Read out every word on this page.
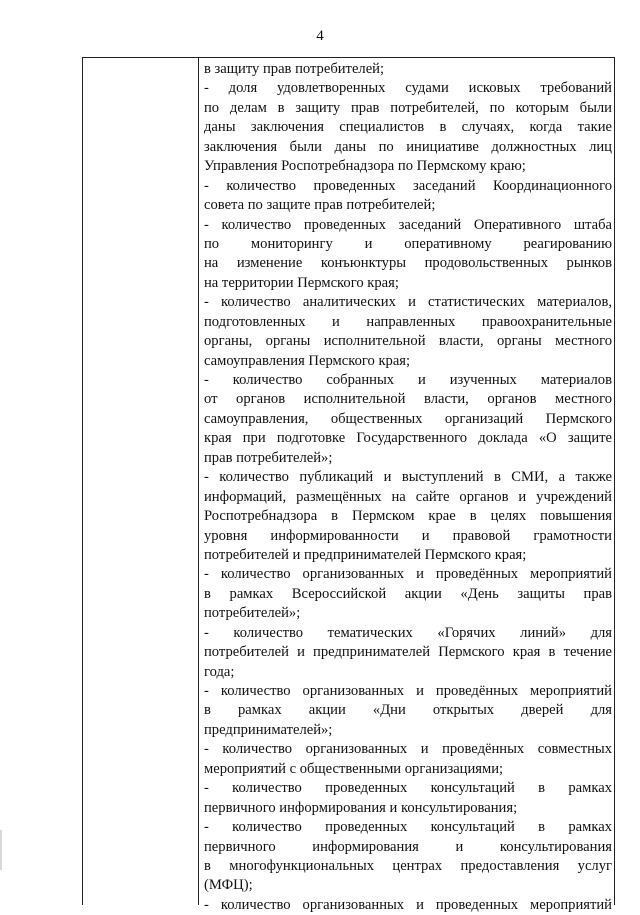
4
в защиту прав потребителей;
- доля удовлетворенных судами исковых требований
по делам в защиту прав потребителей, по которым были
даны заключения специалистов в случаях, когда такие
заключения были даны по инициативе должностных лиц
Управления Роспотребнадзора по Пермскому краю;
- количество проведенных заседаний Координационного
совета по защите прав потребителей;
- количество проведенных заседаний Оперативного штаба
по мониторингу и оперативному реагированию
на изменение конъюнктуры продовольственных рынков
на территории Пермского края;
- количество аналитических и статистических материалов,
подготовленных и направленных правоохранительные
органы, органы исполнительной власти, органы местного
самоуправления Пермского края;
- количество собранных и изученных материалов
от органов исполнительной власти, органов местного
самоуправления, общественных организаций Пермского
края при подготовке Государственного доклада «О защите
прав потребителей»;
- количество публикаций и выступлений в СМИ, а также
информаций, размещённых на сайте органов и учреждений
Роспотребнадзора в Пермском крае в целях повышения
уровня информированности и правовой грамотности
потребителей и предпринимателей Пермского края;
- количество организованных и проведённых мероприятий
в рамках Всероссийской акции «День защиты прав
потребителей»;
- количество тематических «Горячих линий» для
потребителей и предпринимателей Пермского края в течение
года;
- количество организованных и проведённых мероприятий
в рамках акции «Дни открытых дверей для
предпринимателей»;
- количество организованных и проведённых совместных
мероприятий с общественными организациями;
- количество проведенных консультаций в рамках
первичного информирования и консультирования;
- количество проведенных консультаций в рамках
первичного информирования и консультирования
в многофункциональных центрах предоставления услуг
(МФЦ);
- количество организованных и проведенных мероприятий
